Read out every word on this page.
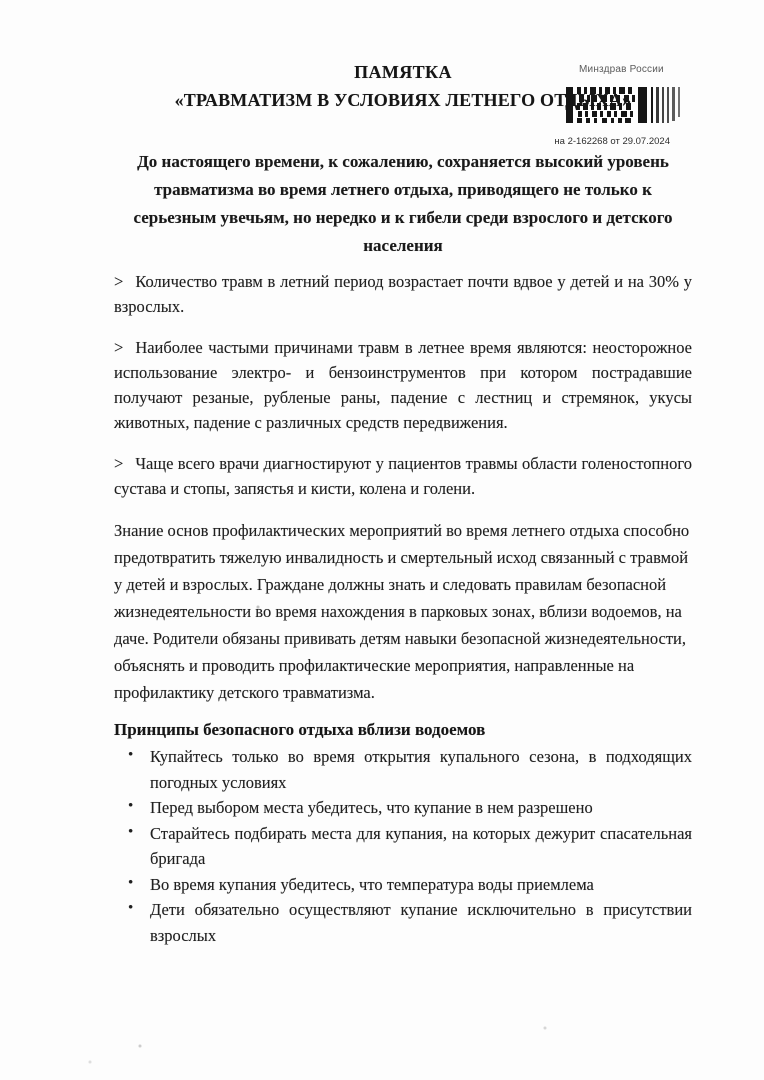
Минздрав России
на 2-162268 от 29.07.2024
ПАМЯТКА
«ТРАВМАТИЗМ В УСЛОВИЯХ ЛЕТНЕГО ОТДЫХА»

До настоящего времени, к сожалению, сохраняется высокий уровень травматизма во время летнего отдыха, приводящего не только к серьезным увечьям, но нередко и к гибели среди взрослого и детского населения

> Количество травм в летний период возрастает почти вдвое у детей и на 30% у взрослых.

> Наиболее частыми причинами травм в летнее время являются: неосторожное использование электро- и бензоинструментов при котором пострадавшие получают резаные, рубленые раны, падение с лестниц и стремянок, укусы животных, падение с различных средств передвижения.

> Чаще всего врачи диагностируют у пациентов травмы области голеностопного сустава и стопы, запястья и кисти, колена и голени.

Знание основ профилактических мероприятий во время летнего отдыха способно предотвратить тяжелую инвалидность и смертельный исход связанный с травмой у детей и взрослых. Граждане должны знать и следовать правилам безопасной жизнедеятельности во время нахождения в парковых зонах, вблизи водоемов, на даче. Родители обязаны прививать детям навыки безопасной жизнедеятельности, объяснять и проводить профилактические мероприятия, направленные на профилактику детского травматизма.

Принципы безопасного отдыха вблизи водоемов
• Купайтесь только во время открытия купального сезона, в подходящих погодных условиях
• Перед выбором места убедитесь, что купание в нем разрешено
• Старайтесь подбирать места для купания, на которых дежурит спасательная бригада
• Во время купания убедитесь, что температура воды приемлема
• Дети обязательно осуществляют купание исключительно в присутствии взрослых
